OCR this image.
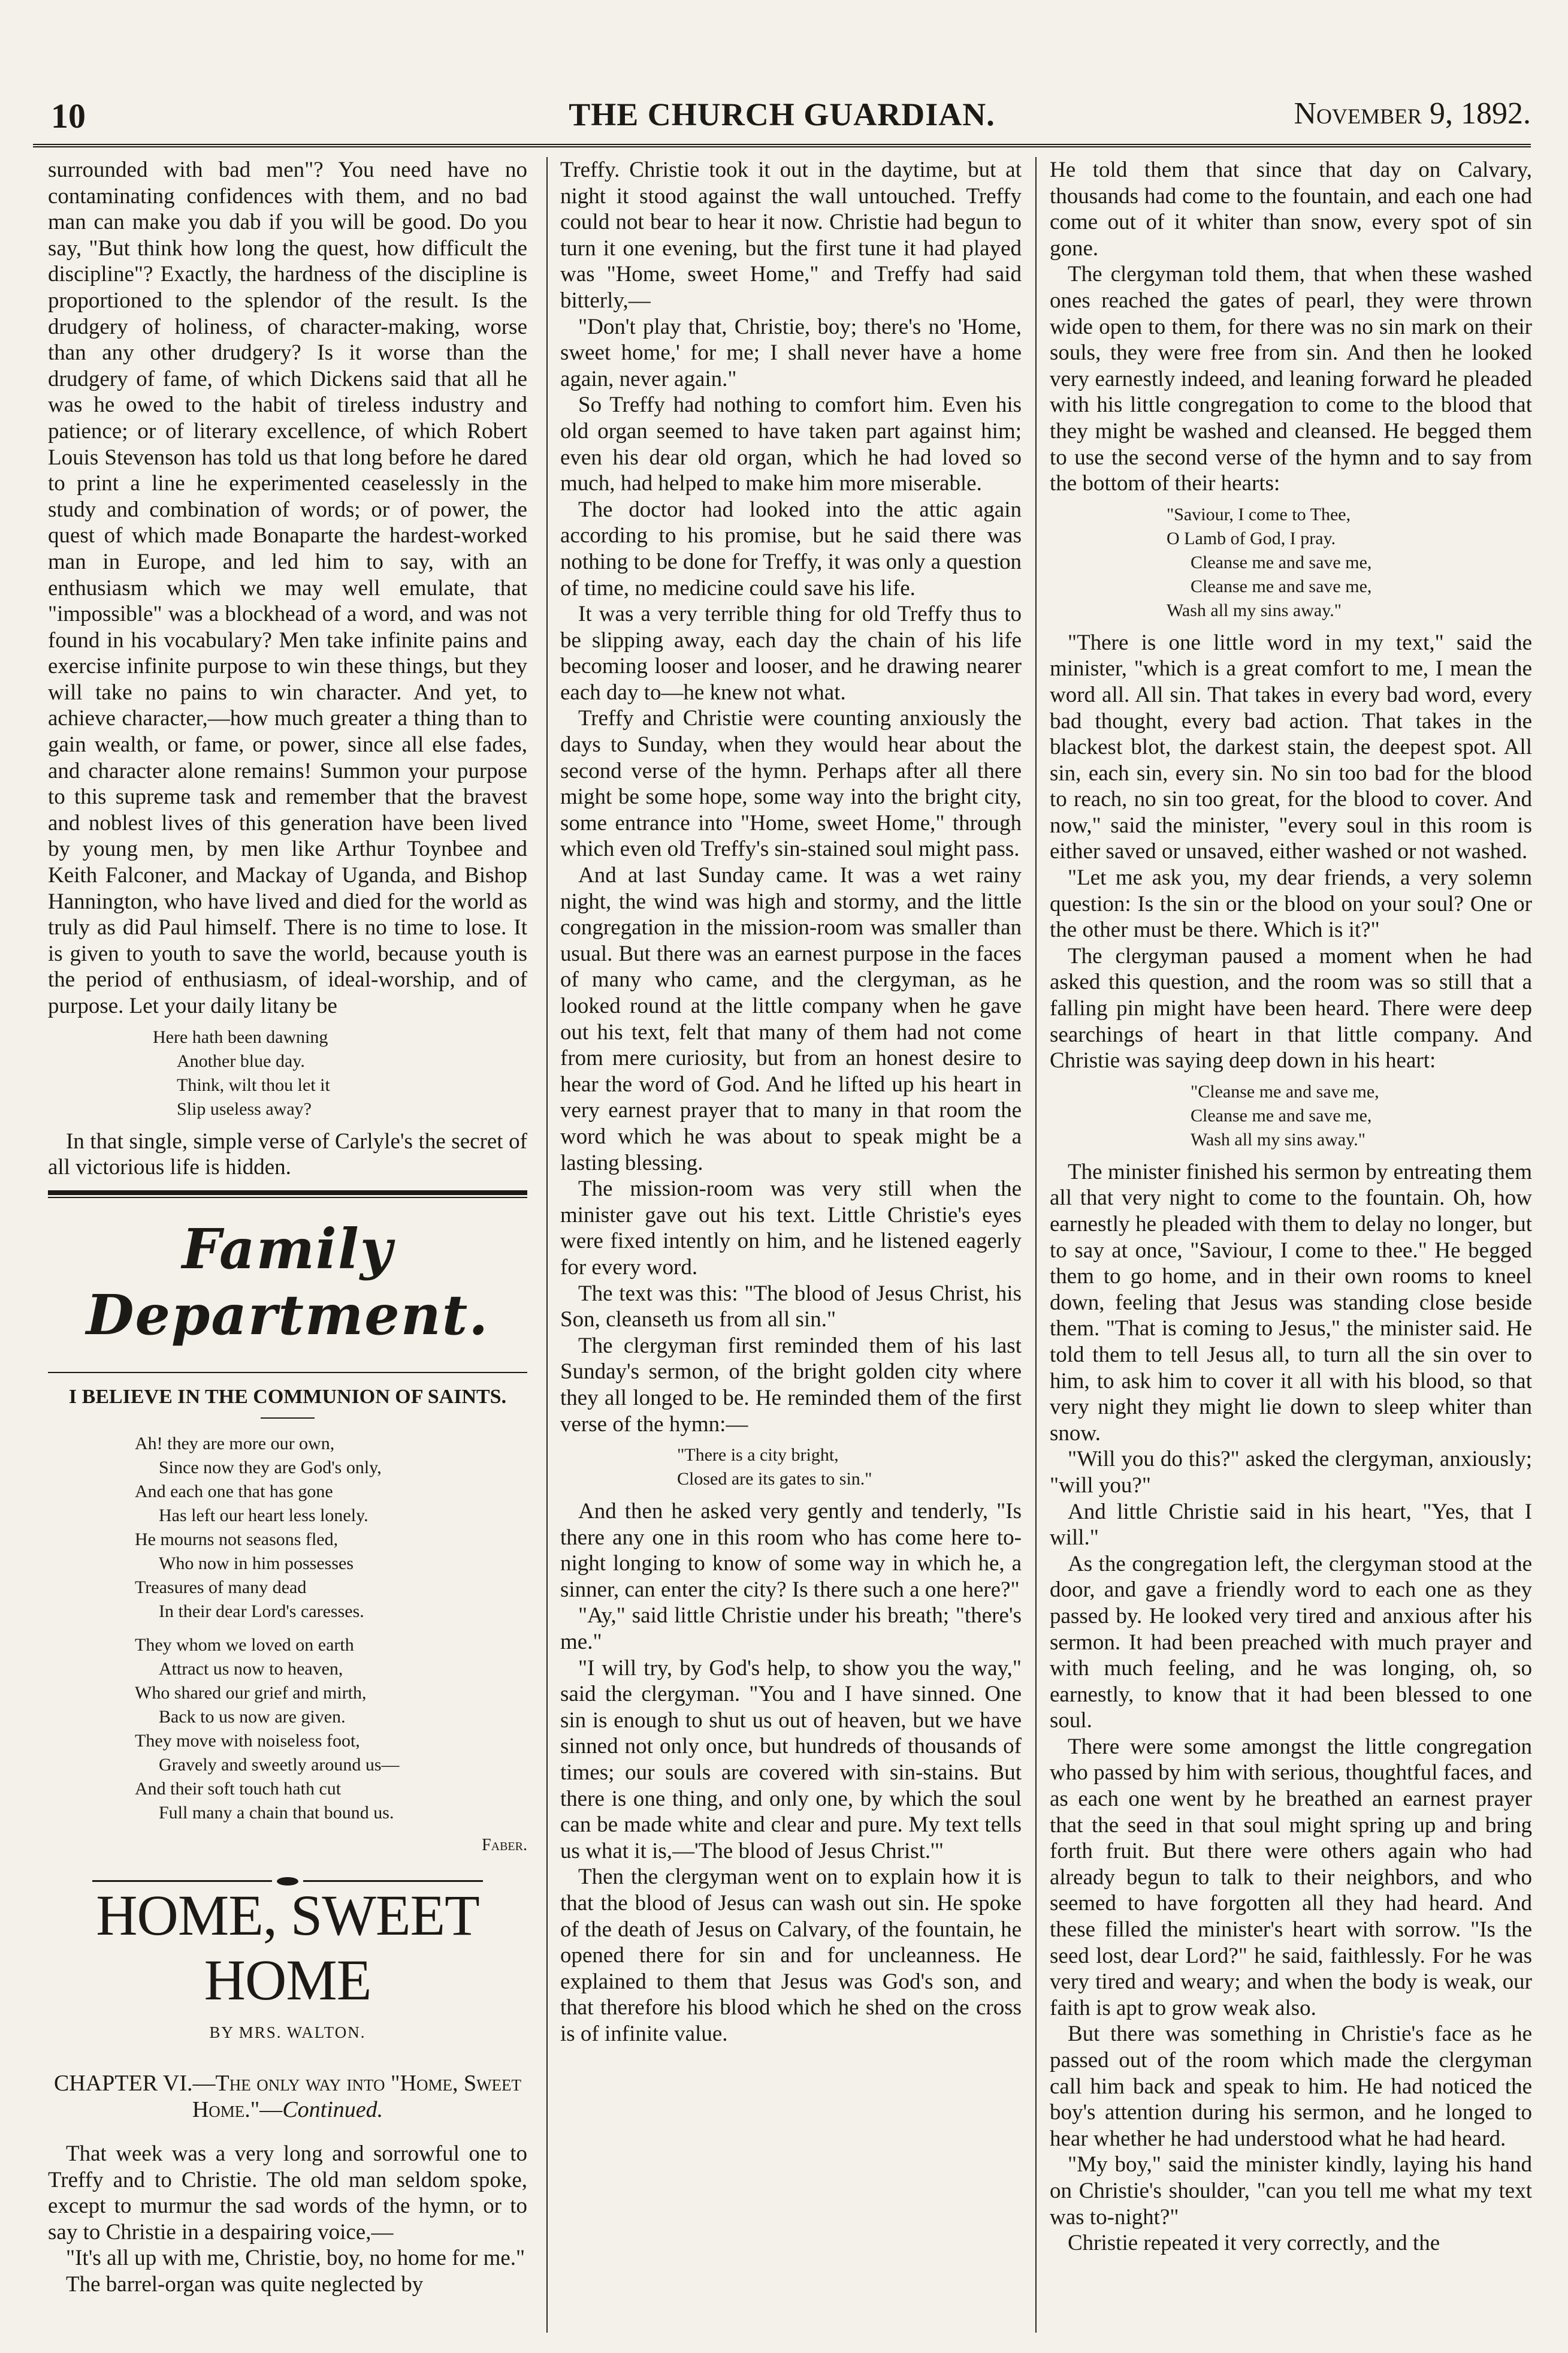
10	THE CHURCH GUARDIAN.	November 9, 1892.

surrounded with bad men"? You need have no contaminating confidences with them, and no bad man can make you dab if you will be good. Do you say, "But think how long the quest, how difficult the discipline"? Exactly, the hardness of the discipline is proportioned to the splendor of the result. Is the drudgery of holiness, of character-making, worse than any other drudgery? Is it worse than the drudgery of fame, of which Dickens said that all he was he owed to the habit of tireless industry and patience; or of literary excellence, of which Robert Louis Stevenson has told us that long before he dared to print a line he experimented ceaselessly in the study and combination of words; or of power, the quest of which made Bonaparte the hardest-worked man in Europe, and led him to say, with an enthusiasm which we may well emulate, that "impossible" was a blockhead of a word, and was not found in his vocabulary? Men take infinite pains and exercise infinite purpose to win these things, but they will take no pains to win character. And yet, to achieve character,—how much greater a thing than to gain wealth, or fame, or power, since all else fades, and character alone remains! Summon your purpose to this supreme task and remember that the bravest and noblest lives of this generation have been lived by young men, by men like Arthur Toynbee and Keith Falconer, and Mackay of Uganda, and Bishop Hannington, who have lived and died for the world as truly as did Paul himself. There is no time to lose. It is given to youth to save the world, because youth is the period of enthusiasm, of ideal-worship, and of purpose. Let your daily litany be

Here hath been dawning
Another blue day.
Think, wilt thou let it
Slip useless away?

In that single, simple verse of Carlyle's the secret of all victorious life is hidden.

Family Department.
I BELIEVE IN THE COMMUNION OF SAINTS.
Ah! they are more our own,
Since now they are God's only,
And each one that has gone
Has left our heart less lonely.
He mourns not seasons fled,
Who now in him possesses
Treasures of many dead
In their dear Lord's caresses.
They whom we loved on earth
Attract us now to heaven,
Who shared our grief and mirth,
Back to us now are given.
They move with noiseless foot,
Gravely and sweetly around us—
And their soft touch hath cut
Full many a chain that bound us.
Faber.
HOME, SWEET HOME
BY MRS. WALTON.
CHAPTER VI.—The only way into "Home, Sweet Home."—Continued.

That week was a very long and sorrowful one to Treffy and to Christie. The old man seldom spoke, except to murmur the sad words of the hymn, or to say to Christie in a despairing voice,—

"It's all up with me, Christie, boy, no home for me."

The barrel-organ was quite neglected by

Treffy. Christie took it out in the daytime, but at night it stood against the wall untouched. Treffy could not bear to hear it now. Christie had begun to turn it one evening, but the first tune it had played was "Home, sweet Home," and Treffy had said bitterly,—

"Don't play that, Christie, boy; there's no 'Home, sweet home,' for me; I shall never have a home again, never again."

So Treffy had nothing to comfort him. Even his old organ seemed to have taken part against him; even his dear old organ, which he had loved so much, had helped to make him more miserable.

The doctor had looked into the attic again according to his promise, but he said there was nothing to be done for Treffy, it was only a question of time, no medicine could save his life.

It was a very terrible thing for old Treffy thus to be slipping away, each day the chain of his life becoming looser and looser, and he drawing nearer each day to—he knew not what.

Treffy and Christie were counting anxiously the days to Sunday, when they would hear about the second verse of the hymn. Perhaps after all there might be some hope, some way into the bright city, some entrance into "Home, sweet Home," through which even old Treffy's sin-stained soul might pass.

And at last Sunday came. It was a wet rainy night, the wind was high and stormy, and the little congregation in the mission-room was smaller than usual. But there was an earnest purpose in the faces of many who came, and the clergyman, as he looked round at the little company when he gave out his text, felt that many of them had not come from mere curiosity, but from an honest desire to hear the word of God. And he lifted up his heart in very earnest prayer that to many in that room the word which he was about to speak might be a lasting blessing.

The mission-room was very still when the minister gave out his text. Little Christie's eyes were fixed intently on him, and he listened eagerly for every word.

The text was this: "The blood of Jesus Christ, his Son, cleanseth us from all sin."

The clergyman first reminded them of his last Sunday's sermon, of the bright golden city where they all longed to be. He reminded them of the first verse of the hymn:—

"There is a city bright,
Closed are its gates to sin."

And then he asked very gently and tenderly, "Is there any one in this room who has come here to-night longing to know of some way in which he, a sinner, can enter the city? Is there such a one here?"

"Ay," said little Christie under his breath; "there's me."

"I will try, by God's help, to show you the way," said the clergyman. "You and I have sinned. One sin is enough to shut us out of heaven, but we have sinned not only once, but hundreds of thousands of times; our souls are covered with sin-stains. But there is one thing, and only one, by which the soul can be made white and clear and pure. My text tells us what it is,—'The blood of Jesus Christ.'"

Then the clergyman went on to explain how it is that the blood of Jesus can wash out sin. He spoke of the death of Jesus on Calvary, of the fountain, he opened there for sin and for uncleanness. He explained to them that Jesus was God's son, and that therefore his blood which he shed on the cross is of infinite value.

He told them that since that day on Calvary, thousands had come to the fountain, and each one had come out of it whiter than snow, every spot of sin gone.

The clergyman told them, that when these washed ones reached the gates of pearl, they were thrown wide open to them, for there was no sin mark on their souls, they were free from sin. And then he looked very earnestly indeed, and leaning forward he pleaded with his little congregation to come to the blood that they might be washed and cleansed. He begged them to use the second verse of the hymn and to say from the bottom of their hearts:

"Saviour, I come to Thee,
O Lamb of God, I pray.
Cleanse me and save me,
Cleanse me and save me,
Wash all my sins away."

"There is one little word in my text," said the minister, "which is a great comfort to me, I mean the word all. All sin. That takes in every bad word, every bad thought, every bad action. That takes in the blackest blot, the darkest stain, the deepest spot. All sin, each sin, every sin. No sin too bad for the blood to reach, no sin too great, for the blood to cover. And now," said the minister, "every soul in this room is either saved or unsaved, either washed or not washed.

"Let me ask you, my dear friends, a very solemn question: Is the sin or the blood on your soul? One or the other must be there. Which is it?"

The clergyman paused a moment when he had asked this question, and the room was so still that a falling pin might have been heard. There were deep searchings of heart in that little company. And Christie was saying deep down in his heart:

"Cleanse me and save me,
Cleanse me and save me,
Wash all my sins away."

The minister finished his sermon by entreating them all that very night to come to the fountain. Oh, how earnestly he pleaded with them to delay no longer, but to say at once, "Saviour, I come to thee." He begged them to go home, and in their own rooms to kneel down, feeling that Jesus was standing close beside them. "That is coming to Jesus," the minister said. He told them to tell Jesus all, to turn all the sin over to him, to ask him to cover it all with his blood, so that very night they might lie down to sleep whiter than snow.

"Will you do this?" asked the clergyman, anxiously; "will you?"

And little Christie said in his heart, "Yes, that I will."

As the congregation left, the clergyman stood at the door, and gave a friendly word to each one as they passed by. He looked very tired and anxious after his sermon. It had been preached with much prayer and with much feeling, and he was longing, oh, so earnestly, to know that it had been blessed to one soul.

There were some amongst the little congregation who passed by him with serious, thoughtful faces, and as each one went by he breathed an earnest prayer that the seed in that soul might spring up and bring forth fruit. But there were others again who had already begun to talk to their neighbors, and who seemed to have forgotten all they had heard. And these filled the minister's heart with sorrow. "Is the seed lost, dear Lord?" he said, faithlessly. For he was very tired and weary; and when the body is weak, our faith is apt to grow weak also.

But there was something in Christie's face as he passed out of the room which made the clergyman call him back and speak to him. He had noticed the boy's attention during his sermon, and he longed to hear whether he had understood what he had heard.

"My boy," said the minister kindly, laying his hand on Christie's shoulder, "can you tell me what my text was to-night?"

Christie repeated it very correctly, and the
